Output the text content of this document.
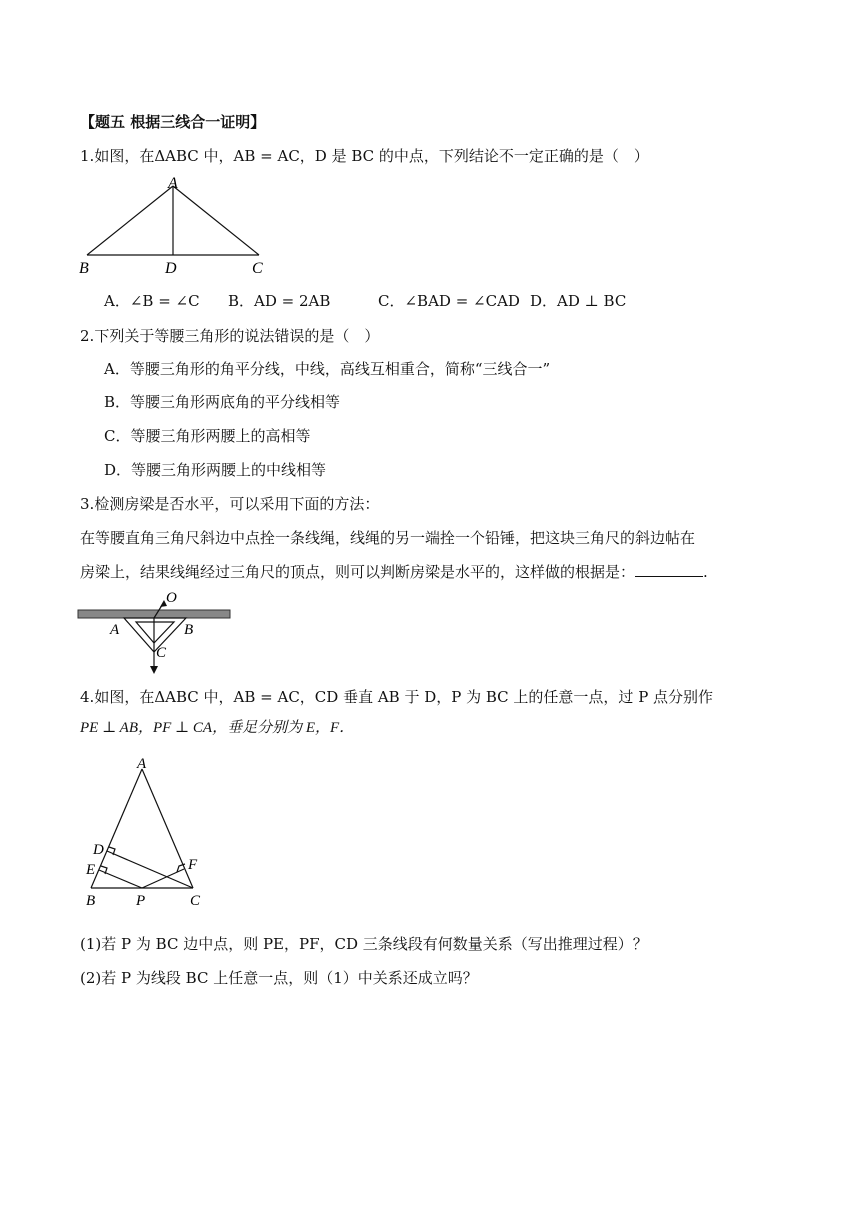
【题五 根据三线合一证明】
1.如图，在ΔABC 中，AB = AC，D 是 BC 的中点，下列结论不一定正确的是（　）
A
B	D	C
A．∠B = ∠C B．AD = 2AB	C．∠BAD = ∠CAD D．AD ⊥ BC
2.下列关于等腰三角形的说法错误的是（　）
A．等腰三角形的角平分线，中线，高线互相重合，简称“三线合一”
B．等腰三角形两底角的平分线相等
C．等腰三角形两腰上的高相等
D．等腰三角形两腰上的中线相等
3.检测房梁是否水平，可以采用下面的方法：
在等腰直角三角尺斜边中点拴一条线绳，线绳的另一端拴一个铅锤，把这块三角尺的斜边帖在
房梁上，结果线绳经过三角尺的顶点，则可以判断房梁是水平的，这样做的根据是：	.
O
A	B
C
4.如图，在ΔABC 中，AB = AC，CD 垂直 AB 于 D，P 为 BC 上的任意一点，过 P 点分别作
PE ⊥ AB，PF ⊥ CA，垂足分别为 E，F．
A
D
E	F
B	P	C
(1)若 P 为 BC 边中点，则 PE，PF，CD 三条线段有何数量关系（写出推理过程）？
(2)若 P 为线段 BC 上任意一点，则（1）中关系还成立吗？
